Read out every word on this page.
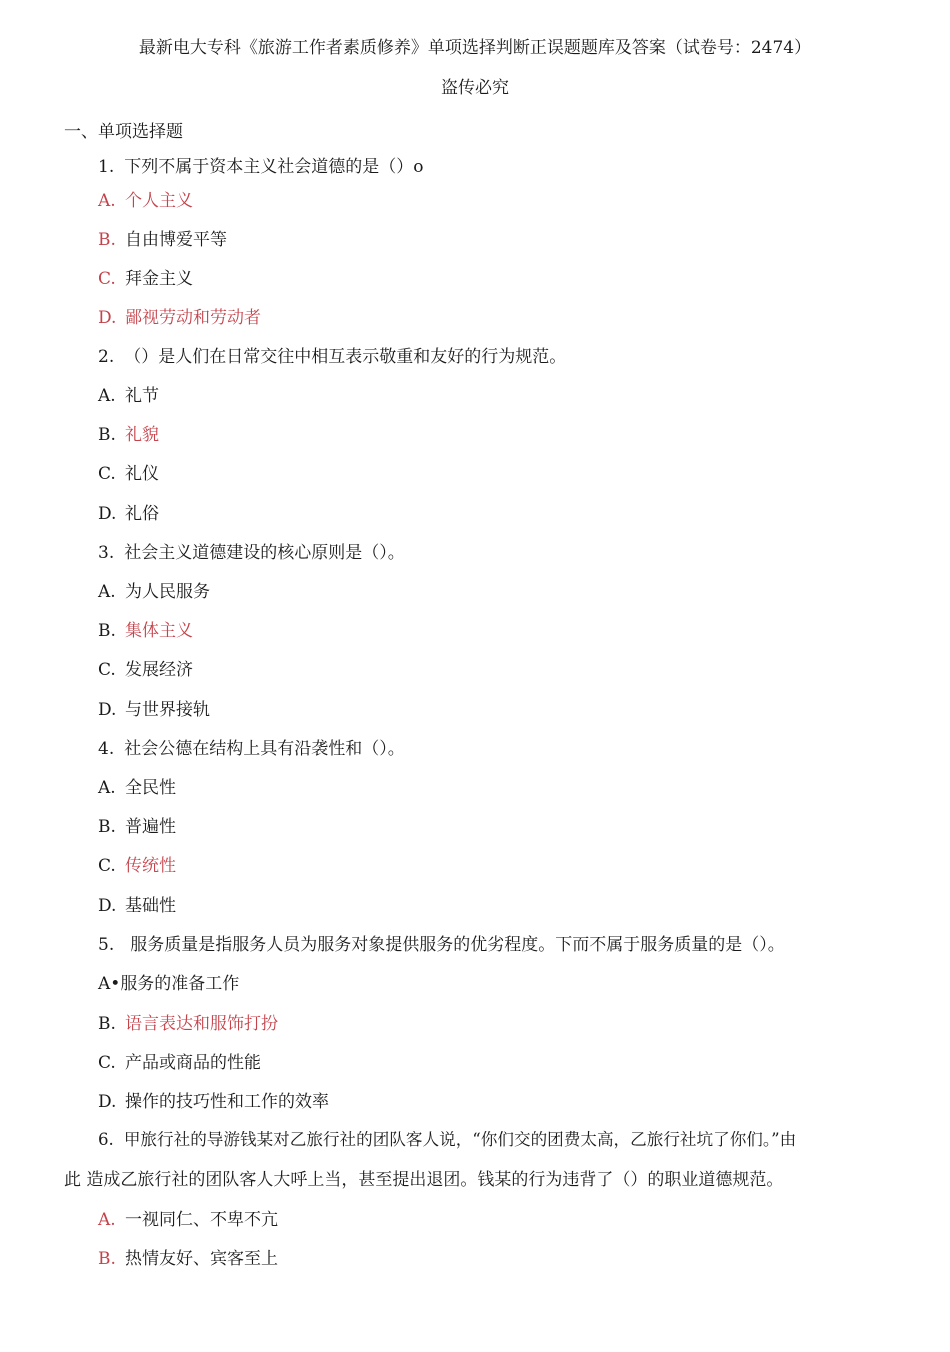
最新电大专科《旅游工作者素质修养》单项选择判断正误题题库及答案（试卷号：2474）
盗传必究
一、单项选择题
1. 下列不属于资本主义社会道德的是（）o
A. 个人主义
B. 自由博爱平等
C. 拜金主义
D. 鄙视劳动和劳动者
2. （）是人们在日常交往中相互表示敬重和友好的行为规范。
A. 礼节
B. 礼貌
C. 礼仪
D. 礼俗
3. 社会主义道德建设的核心原则是（）。
A. 为人民服务
B. 集体主义
C. 发展经济
D. 与世界接轨
4. 社会公德在结构上具有沿袭性和（）。
A. 全民性
B. 普遍性
C. 传统性
D. 基础性
5. 服务质量是指服务人员为服务对象提供服务的优劣程度。下而不属于服务质量的是（）。
A•服务的准备工作
B. 语言表达和服饰打扮
C. 产品或商品的性能
D. 操作的技巧性和工作的效率
6. 甲旅行社的导游钱某对乙旅行社的团队客人说，“你们交的团费太高，乙旅行社坑了你们。”由
此 造成乙旅行社的团队客人大呼上当，甚至提出退团。钱某的行为违背了（）的职业道德规范。
A. 一视同仁、不卑不亢
B. 热情友好、宾客至上
